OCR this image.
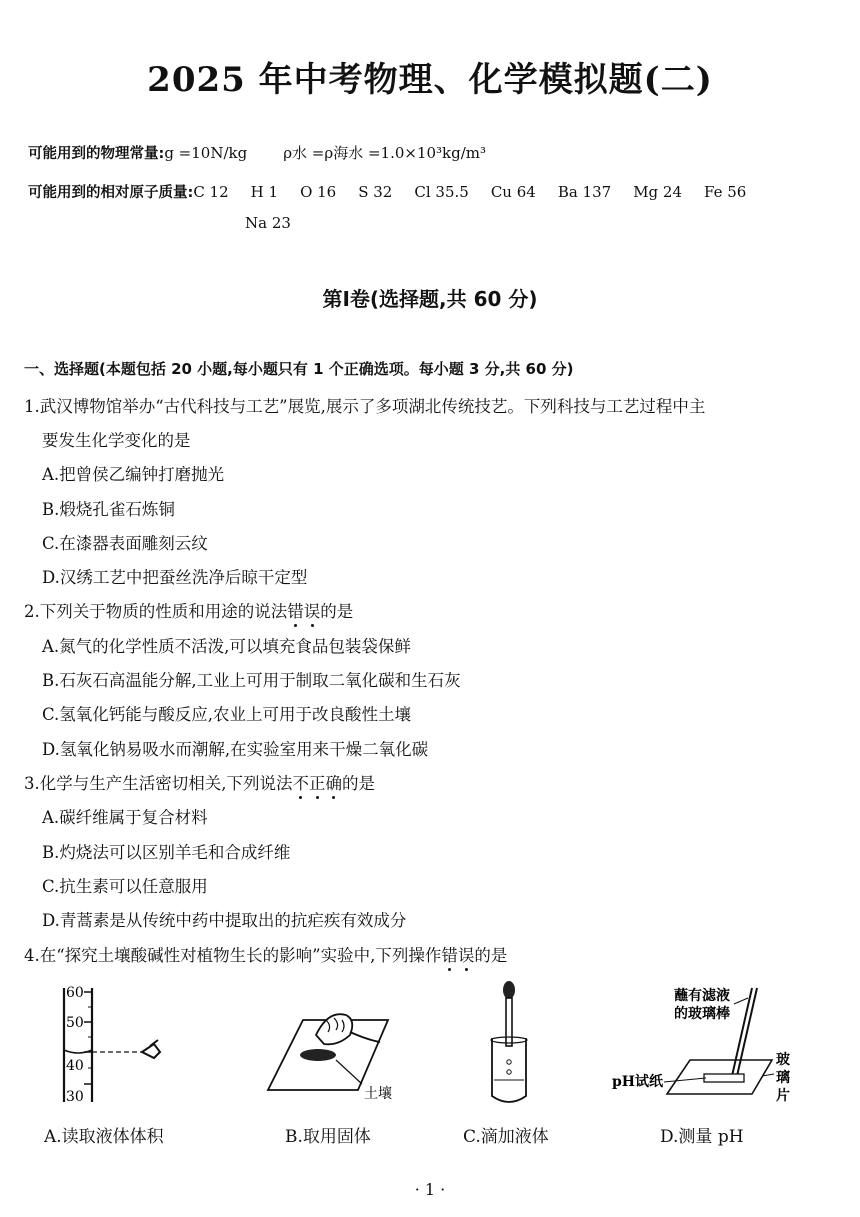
2025 年中考物理、化学模拟题(二)
可能用到的物理常量:g =10N/kg ρ水 =ρ海水 =1.0×10³kg/m³
可能用到的相对原子质量:C 12 H 1 O 16 S 32 Cl 35.5 Cu 64 Ba 137 Mg 24 Fe 56
Na 23
第Ⅰ卷(选择题,共 60 分)
一、选择题(本题包括 20 小题,每小题只有 1 个正确选项。每小题 3 分,共 60 分)
1.武汉博物馆举办“古代科技与工艺”展览,展示了多项湖北传统技艺。下列科技与工艺过程中主
要发生化学变化的是
A.把曾侯乙编钟打磨抛光
B.煅烧孔雀石炼铜
C.在漆器表面雕刻云纹
D.汉绣工艺中把蚕丝洗净后晾干定型
2.下列关于物质的性质和用途的说法错误的是
A.氮气的化学性质不活泼,可以填充食品包装袋保鲜
B.石灰石高温能分解,工业上可用于制取二氧化碳和生石灰
C.氢氧化钙能与酸反应,农业上可用于改良酸性土壤
D.氢氧化钠易吸水而潮解,在实验室用来干燥二氧化碳
3.化学与生产生活密切相关,下列说法不正确的是
A.碳纤维属于复合材料
B.灼烧法可以区别羊毛和合成纤维
C.抗生素可以任意服用
D.青蒿素是从传统中药中提取出的抗疟疾有效成分
4.在“探究土壤酸碱性对植物生长的影响”实验中,下列操作错误的是
60
50
40
30	土壤
蘸有滤液
的玻璃棒
pH试纸
玻
璃
片
A.读取液体体积	B.取用固体	C.滴加液体	D.测量 pH
· 1 ·
